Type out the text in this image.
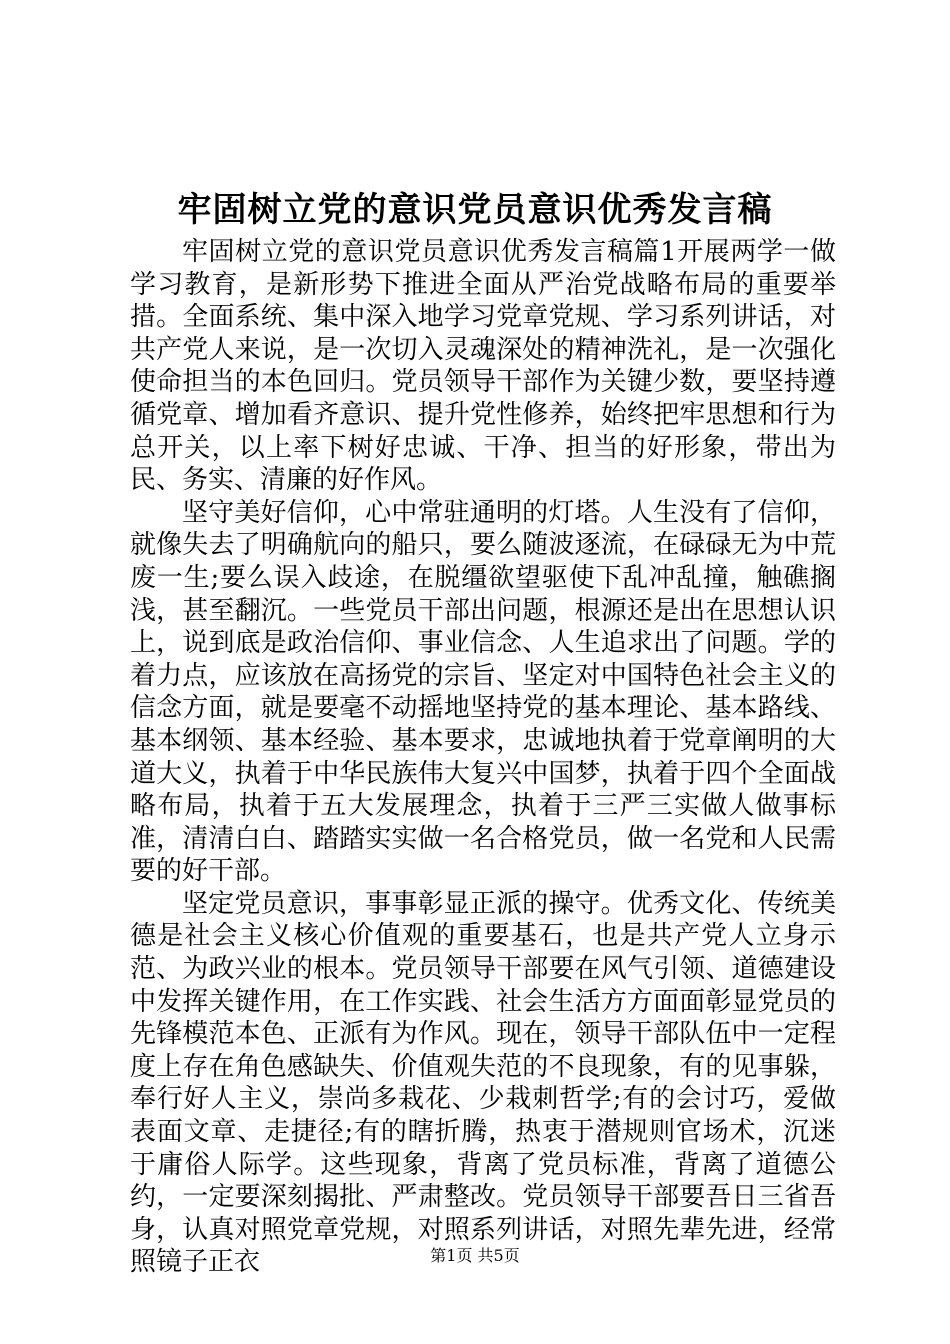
牢固树立党的意识党员意识优秀发言稿

牢固树立党的意识党员意识优秀发言稿篇1开展两学一做学习教育，是新形势下推进全面从严治党战略布局的重要举措。全面系统、集中深入地学习党章党规、学习系列讲话，对共产党人来说，是一次切入灵魂深处的精神洗礼，是一次强化使命担当的本色回归。党员领导干部作为关键少数，要坚持遵循党章、增加看齐意识、提升党性修养，始终把牢思想和行为总开关，以上率下树好忠诚、干净、担当的好形象，带出为民、务实、清廉的好作风。

坚守美好信仰，心中常驻通明的灯塔。人生没有了信仰，就像失去了明确航向的船只，要么随波逐流，在碌碌无为中荒废一生;要么误入歧途，在脱缰欲望驱使下乱冲乱撞，触礁搁浅，甚至翻沉。一些党员干部出问题，根源还是出在思想认识上，说到底是政治信仰、事业信念、人生追求出了问题。学的着力点，应该放在高扬党的宗旨、坚定对中国特色社会主义的信念方面，就是要毫不动摇地坚持党的基本理论、基本路线、基本纲领、基本经验、基本要求，忠诚地执着于党章阐明的大道大义，执着于中华民族伟大复兴中国梦，执着于四个全面战略布局，执着于五大发展理念，执着于三严三实做人做事标准，清清白白、踏踏实实做一名合格党员，做一名党和人民需要的好干部。

坚定党员意识，事事彰显正派的操守。优秀文化、传统美德是社会主义核心价值观的重要基石，也是共产党人立身示范、为政兴业的根本。党员领导干部要在风气引领、道德建设中发挥关键作用，在工作实践、社会生活方方面面彰显党员的先锋模范本色、正派有为作风。现在，领导干部队伍中一定程度上存在角色感缺失、价值观失范的不良现象，有的见事躲，奉行好人主义，崇尚多栽花、少栽刺哲学;有的会讨巧，爱做表面文章、走捷径;有的瞎折腾，热衷于潜规则官场术，沉迷于庸俗人际学。这些现象，背离了党员标准，背离了道德公约，一定要深刻揭批、严肃整改。党员领导干部要吾日三省吾身，认真对照党章党规，对照系列讲话，对照先辈先进，经常照镜子正衣	第1页 共5页
